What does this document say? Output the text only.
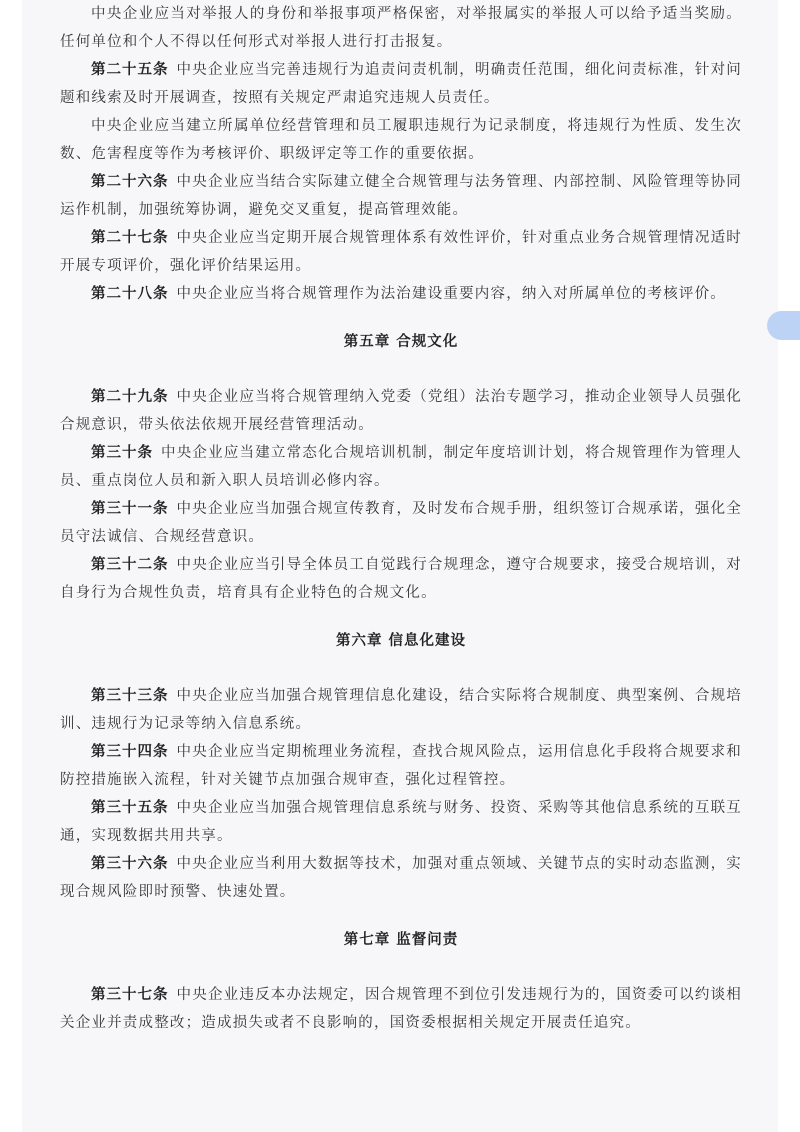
中央企业应当对举报人的身份和举报事项严格保密，对举报属实的举报人可以给予适当奖励。任何单位和个人不得以任何形式对举报人进行打击报复。

第二十五条 中央企业应当完善违规行为追责问责机制，明确责任范围，细化问责标准，针对问题和线索及时开展调查，按照有关规定严肃追究违规人员责任。

中央企业应当建立所属单位经营管理和员工履职违规行为记录制度，将违规行为性质、发生次数、危害程度等作为考核评价、职级评定等工作的重要依据。

第二十六条 中央企业应当结合实际建立健全合规管理与法务管理、内部控制、风险管理等协同运作机制，加强统筹协调，避免交叉重复，提高管理效能。

第二十七条 中央企业应当定期开展合规管理体系有效性评价，针对重点业务合规管理情况适时开展专项评价，强化评价结果运用。

第二十八条 中央企业应当将合规管理作为法治建设重要内容，纳入对所属单位的考核评价。

第五章 合规文化

第二十九条 中央企业应当将合规管理纳入党委（党组）法治专题学习，推动企业领导人员强化合规意识，带头依法依规开展经营管理活动。

第三十条 中央企业应当建立常态化合规培训机制，制定年度培训计划，将合规管理作为管理人员、重点岗位人员和新入职人员培训必修内容。

第三十一条 中央企业应当加强合规宣传教育，及时发布合规手册，组织签订合规承诺，强化全员守法诚信、合规经营意识。

第三十二条 中央企业应当引导全体员工自觉践行合规理念，遵守合规要求，接受合规培训，对自身行为合规性负责，培育具有企业特色的合规文化。

第六章 信息化建设

第三十三条 中央企业应当加强合规管理信息化建设，结合实际将合规制度、典型案例、合规培训、违规行为记录等纳入信息系统。

第三十四条 中央企业应当定期梳理业务流程，查找合规风险点，运用信息化手段将合规要求和防控措施嵌入流程，针对关键节点加强合规审查，强化过程管控。

第三十五条 中央企业应当加强合规管理信息系统与财务、投资、采购等其他信息系统的互联互通，实现数据共用共享。

第三十六条 中央企业应当利用大数据等技术，加强对重点领域、关键节点的实时动态监测，实现合规风险即时预警、快速处置。

第七章 监督问责

第三十七条 中央企业违反本办法规定，因合规管理不到位引发违规行为的，国资委可以约谈相关企业并责成整改；造成损失或者不良影响的，国资委根据相关规定开展责任追究。
